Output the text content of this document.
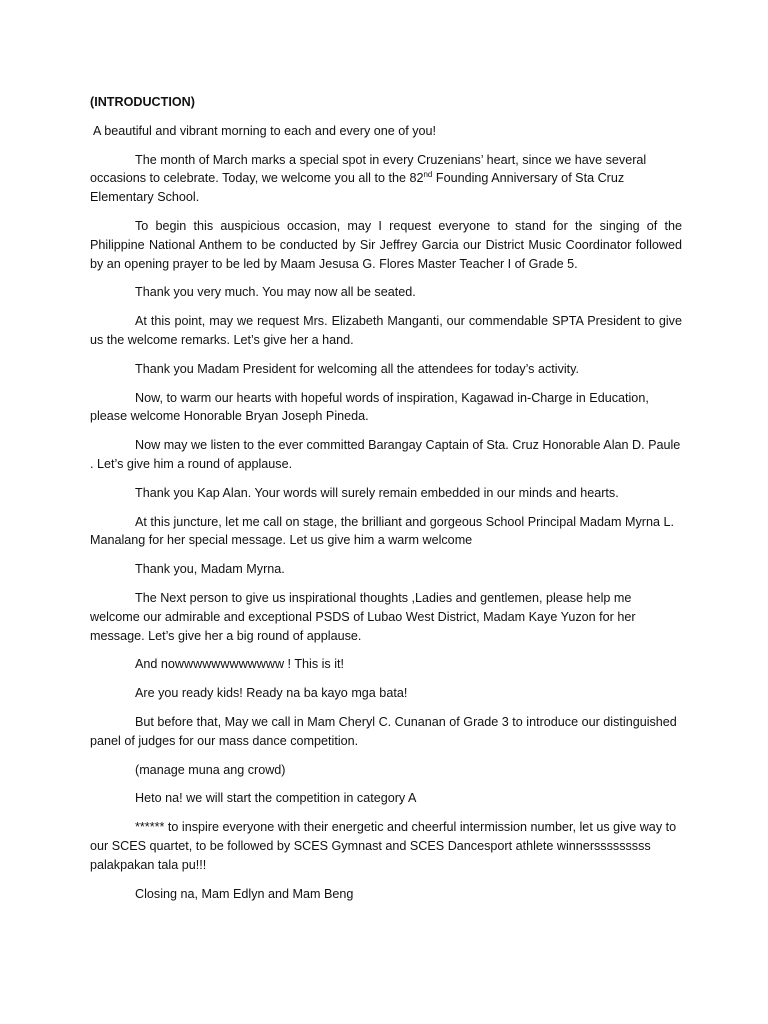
(INTRODUCTION)

A beautiful and vibrant morning to each and every one of you!

The month of March marks a special spot in every Cruzenians’ heart, since we have several occasions to celebrate. Today, we welcome you all to the 82nd Founding Anniversary of Sta Cruz Elementary School.

To begin this auspicious occasion, may I request everyone to stand for the singing of the Philippine National Anthem to be conducted by Sir Jeffrey Garcia our District Music Coordinator followed by an opening prayer to be led by Maam Jesusa G. Flores Master Teacher I of Grade 5.

Thank you very much. You may now all be seated.

At this point, may we request Mrs. Elizabeth Manganti, our commendable SPTA President to give us the welcome remarks. Let’s give her a hand.

Thank you Madam President for welcoming all the attendees for today’s activity.

Now, to warm our hearts with hopeful words of inspiration, Kagawad in-Charge in Education, please welcome Honorable Bryan Joseph Pineda.

Now may we listen to the ever committed Barangay Captain of Sta. Cruz Honorable Alan D. Paule . Let’s give him a round of applause.

Thank you Kap Alan. Your words will surely remain embedded in our minds and hearts.

At this juncture, let me call on stage, the brilliant and gorgeous School Principal Madam Myrna L. Manalang for her special message. Let us give him a warm welcome

Thank you, Madam Myrna.

The Next person to give us inspirational thoughts ,Ladies and gentlemen, please help me welcome our admirable and exceptional PSDS of Lubao West District, Madam Kaye Yuzon for her message. Let’s give her a big round of applause.

And nowwwwwwwwwwww ! This is it!

Are you ready kids! Ready na ba kayo mga bata!

But before that, May we call in Mam Cheryl C. Cunanan of Grade 3 to introduce our distinguished panel of judges for our mass dance competition.

(manage muna ang crowd)

Heto na! we will start the competition in category A

****** to inspire everyone with their energetic and cheerful intermission number, let us give way to our SCES quartet, to be followed by SCES Gymnast and SCES Dancesport athlete winnersssssssss palakpakan tala pu!!!

Closing na, Mam Edlyn and Mam Beng
